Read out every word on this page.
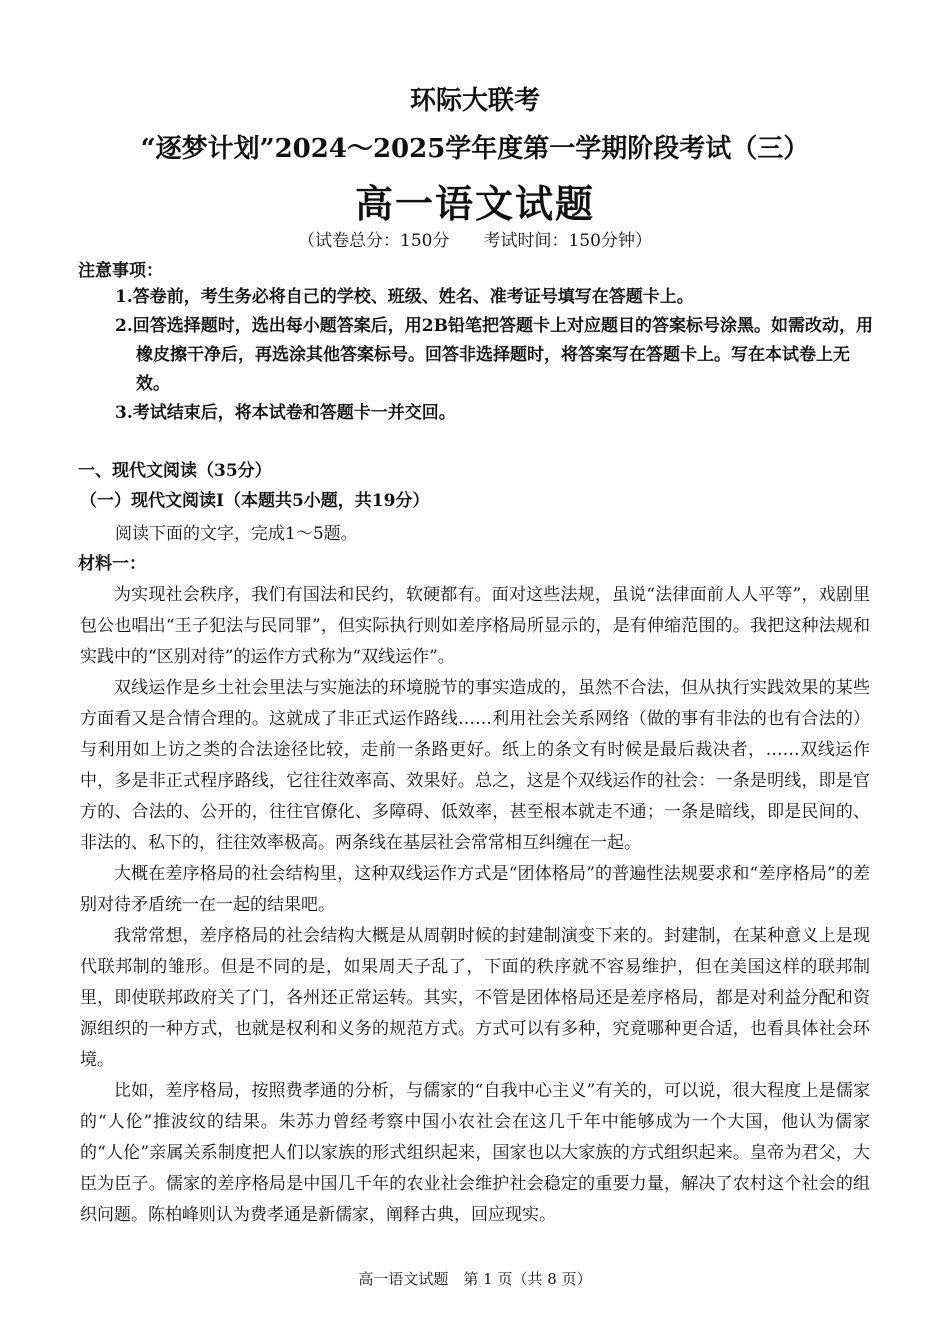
环际大联考
“逐梦计划”2024～2025学年度第一学期阶段考试（三）
高一语文试题
（试卷总分：150分　　考试时间：150分钟）
注意事项：

1.答卷前，考生务必将自己的学校、班级、姓名、准考证号填写在答题卡上。

2.回答选择题时，选出每小题答案后，用2B铅笔把答题卡上对应题目的答案标号涂黑。如需改动，用橡皮擦干净后，再选涂其他答案标号。回答非选择题时，将答案写在答题卡上。写在本试卷上无效。

3.考试结束后，将本试卷和答题卡一并交回。

一、现代文阅读（35分）
（一）现代文阅读Ⅰ（本题共5小题，共19分）
阅读下面的文字，完成1～5题。
材料一：

为实现社会秩序，我们有国法和民约，软硬都有。面对这些法规，虽说“法律面前人人平等”，戏剧里包公也唱出“王子犯法与民同罪”，但实际执行则如差序格局所显示的，是有伸缩范围的。我把这种法规和实践中的“区别对待”的运作方式称为“双线运作”。

双线运作是乡土社会里法与实施法的环境脱节的事实造成的，虽然不合法，但从执行实践效果的某些方面看又是合情合理的。这就成了非正式运作路线……利用社会关系网络（做的事有非法的也有合法的）与利用如上访之类的合法途径比较，走前一条路更好。纸上的条文有时候是最后裁决者，……双线运作中，多是非正式程序路线，它往往效率高、效果好。总之，这是个双线运作的社会：一条是明线，即是官方的、合法的、公开的，往往官僚化、多障碍、低效率，甚至根本就走不通；一条是暗线，即是民间的、非法的、私下的，往往效率极高。两条线在基层社会常常相互纠缠在一起。

大概在差序格局的社会结构里，这种双线运作方式是“团体格局”的普遍性法规要求和“差序格局”的差别对待矛盾统一在一起的结果吧。

我常常想，差序格局的社会结构大概是从周朝时候的封建制演变下来的。封建制，在某种意义上是现代联邦制的雏形。但是不同的是，如果周天子乱了，下面的秩序就不容易维护，但在美国这样的联邦制里，即使联邦政府关了门，各州还正常运转。其实，不管是团体格局还是差序格局，都是对利益分配和资源组织的一种方式，也就是权利和义务的规范方式。方式可以有多种，究竟哪种更合适，也看具体社会环境。

比如，差序格局，按照费孝通的分析，与儒家的“自我中心主义”有关的，可以说，很大程度上是儒家的“人伦”推波纹的结果。朱苏力曾经考察中国小农社会在这几千年中能够成为一个大国，他认为儒家的“人伦”亲属关系制度把人们以家族的形式组织起来，国家也以大家族的方式组织起来。皇帝为君父，大臣为臣子。儒家的差序格局是中国几千年的农业社会维护社会稳定的重要力量，解决了农村这个社会的组织问题。陈柏峰则认为费孝通是新儒家，阐释古典，回应现实。

高一语文试题　第 1 页（共 8 页）
